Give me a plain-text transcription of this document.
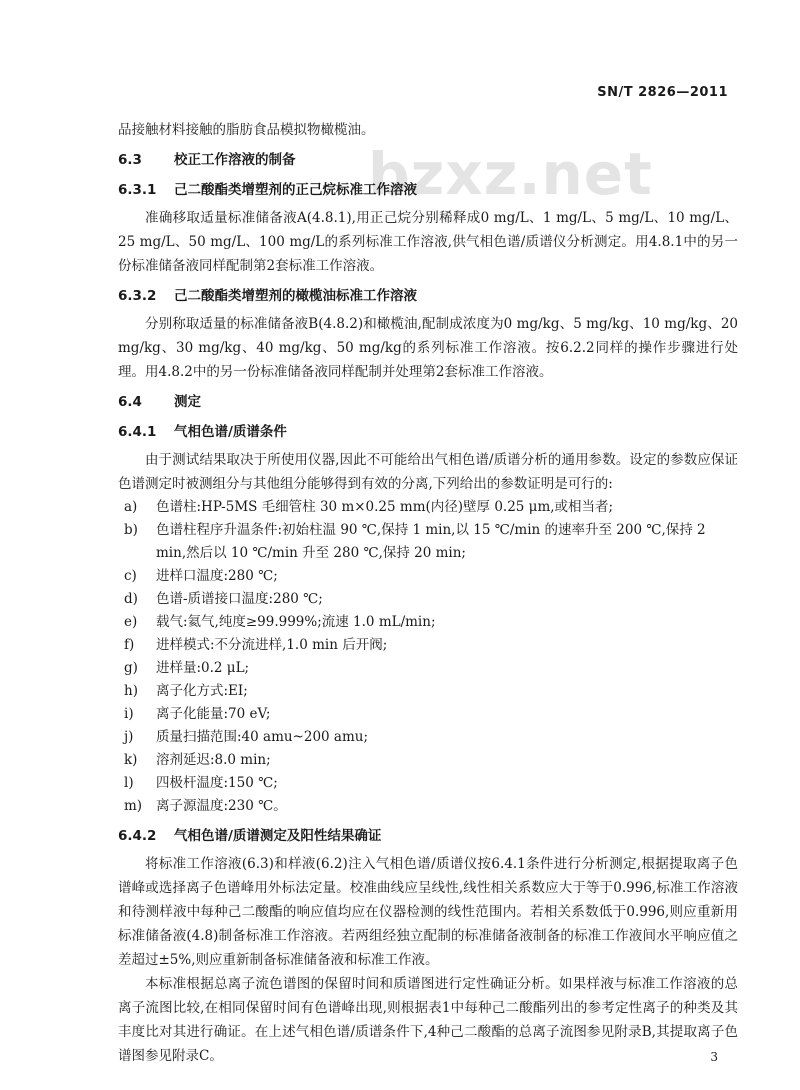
SN/T 2826—2011
bzxz.net

品接触材料接触的脂肪食品模拟物橄榄油。

6.3 校正工作溶液的制备
6.3.1 己二酸酯类增塑剂的正己烷标准工作溶液

准确移取适量标准储备液A(4.8.1),用正己烷分别稀释成0 mg/L、1 mg/L、5 mg/L、10 mg/L、25 mg/L、50 mg/L、100 mg/L的系列标准工作溶液,供气相色谱/质谱仪分析测定。用4.8.1中的另一份标准储备液同样配制第2套标准工作溶液。

6.3.2 己二酸酯类增塑剂的橄榄油标准工作溶液

分别称取适量的标准储备液B(4.8.2)和橄榄油,配制成浓度为0 mg/kg、5 mg/kg、10 mg/kg、20 mg/kg、30 mg/kg、40 mg/kg、50 mg/kg的系列标准工作溶液。按6.2.2同样的操作步骤进行处理。用4.8.2中的另一份标准储备液同样配制并处理第2套标准工作溶液。

6.4 测定
6.4.1 气相色谱/质谱条件

由于测试结果取决于所使用仪器,因此不可能给出气相色谱/质谱分析的通用参数。设定的参数应保证色谱测定时被测组分与其他组分能够得到有效的分离,下列给出的参数证明是可行的:

a)	色谱柱:HP-5MS 毛细管柱 30 m×0.25 mm(内径)壁厚 0.25 μm,或相当者;
b)	色谱柱程序升温条件:初始柱温 90 ℃,保持 1 min,以 15 ℃/min 的速率升至 200 ℃,保持 2 min,然后以 10 ℃/min 升至 280 ℃,保持 20 min;
c)	进样口温度:280 ℃;
d)	色谱-质谱接口温度:280 ℃;
e)	载气:氦气,纯度≥99.999%;流速 1.0 mL/min;
f)	进样模式:不分流进样,1.0 min 后开阀;
g)	进样量:0.2 μL;
h)	离子化方式:EI;
i)	离子化能量:70 eV;
j)	质量扫描范围:40 amu~200 amu;
k)	溶剂延迟:8.0 min;
l)	四极杆温度:150 ℃;
m)	离子源温度:230 ℃。
6.4.2 气相色谱/质谱测定及阳性结果确证

将标准工作溶液(6.3)和样液(6.2)注入气相色谱/质谱仪按6.4.1条件进行分析测定,根据提取离子色谱峰或选择离子色谱峰用外标法定量。校准曲线应呈线性,线性相关系数应大于等于0.996,标准工作溶液和待测样液中每种己二酸酯的响应值均应在仪器检测的线性范围内。若相关系数低于0.996,则应重新用标准储备液(4.8)制备标准工作溶液。若两组经独立配制的标准储备液制备的标准工作液间水平响应值之差超过±5%,则应重新制备标准储备液和标准工作液。

本标准根据总离子流色谱图的保留时间和质谱图进行定性确证分析。如果样液与标准工作溶液的总离子流图比较,在相同保留时间有色谱峰出现,则根据表1中每种己二酸酯列出的参考定性离子的种类及其丰度比对其进行确证。在上述气相色谱/质谱条件下,4种己二酸酯的总离子流图参见附录B,其提取离子色谱图参见附录C。	3
